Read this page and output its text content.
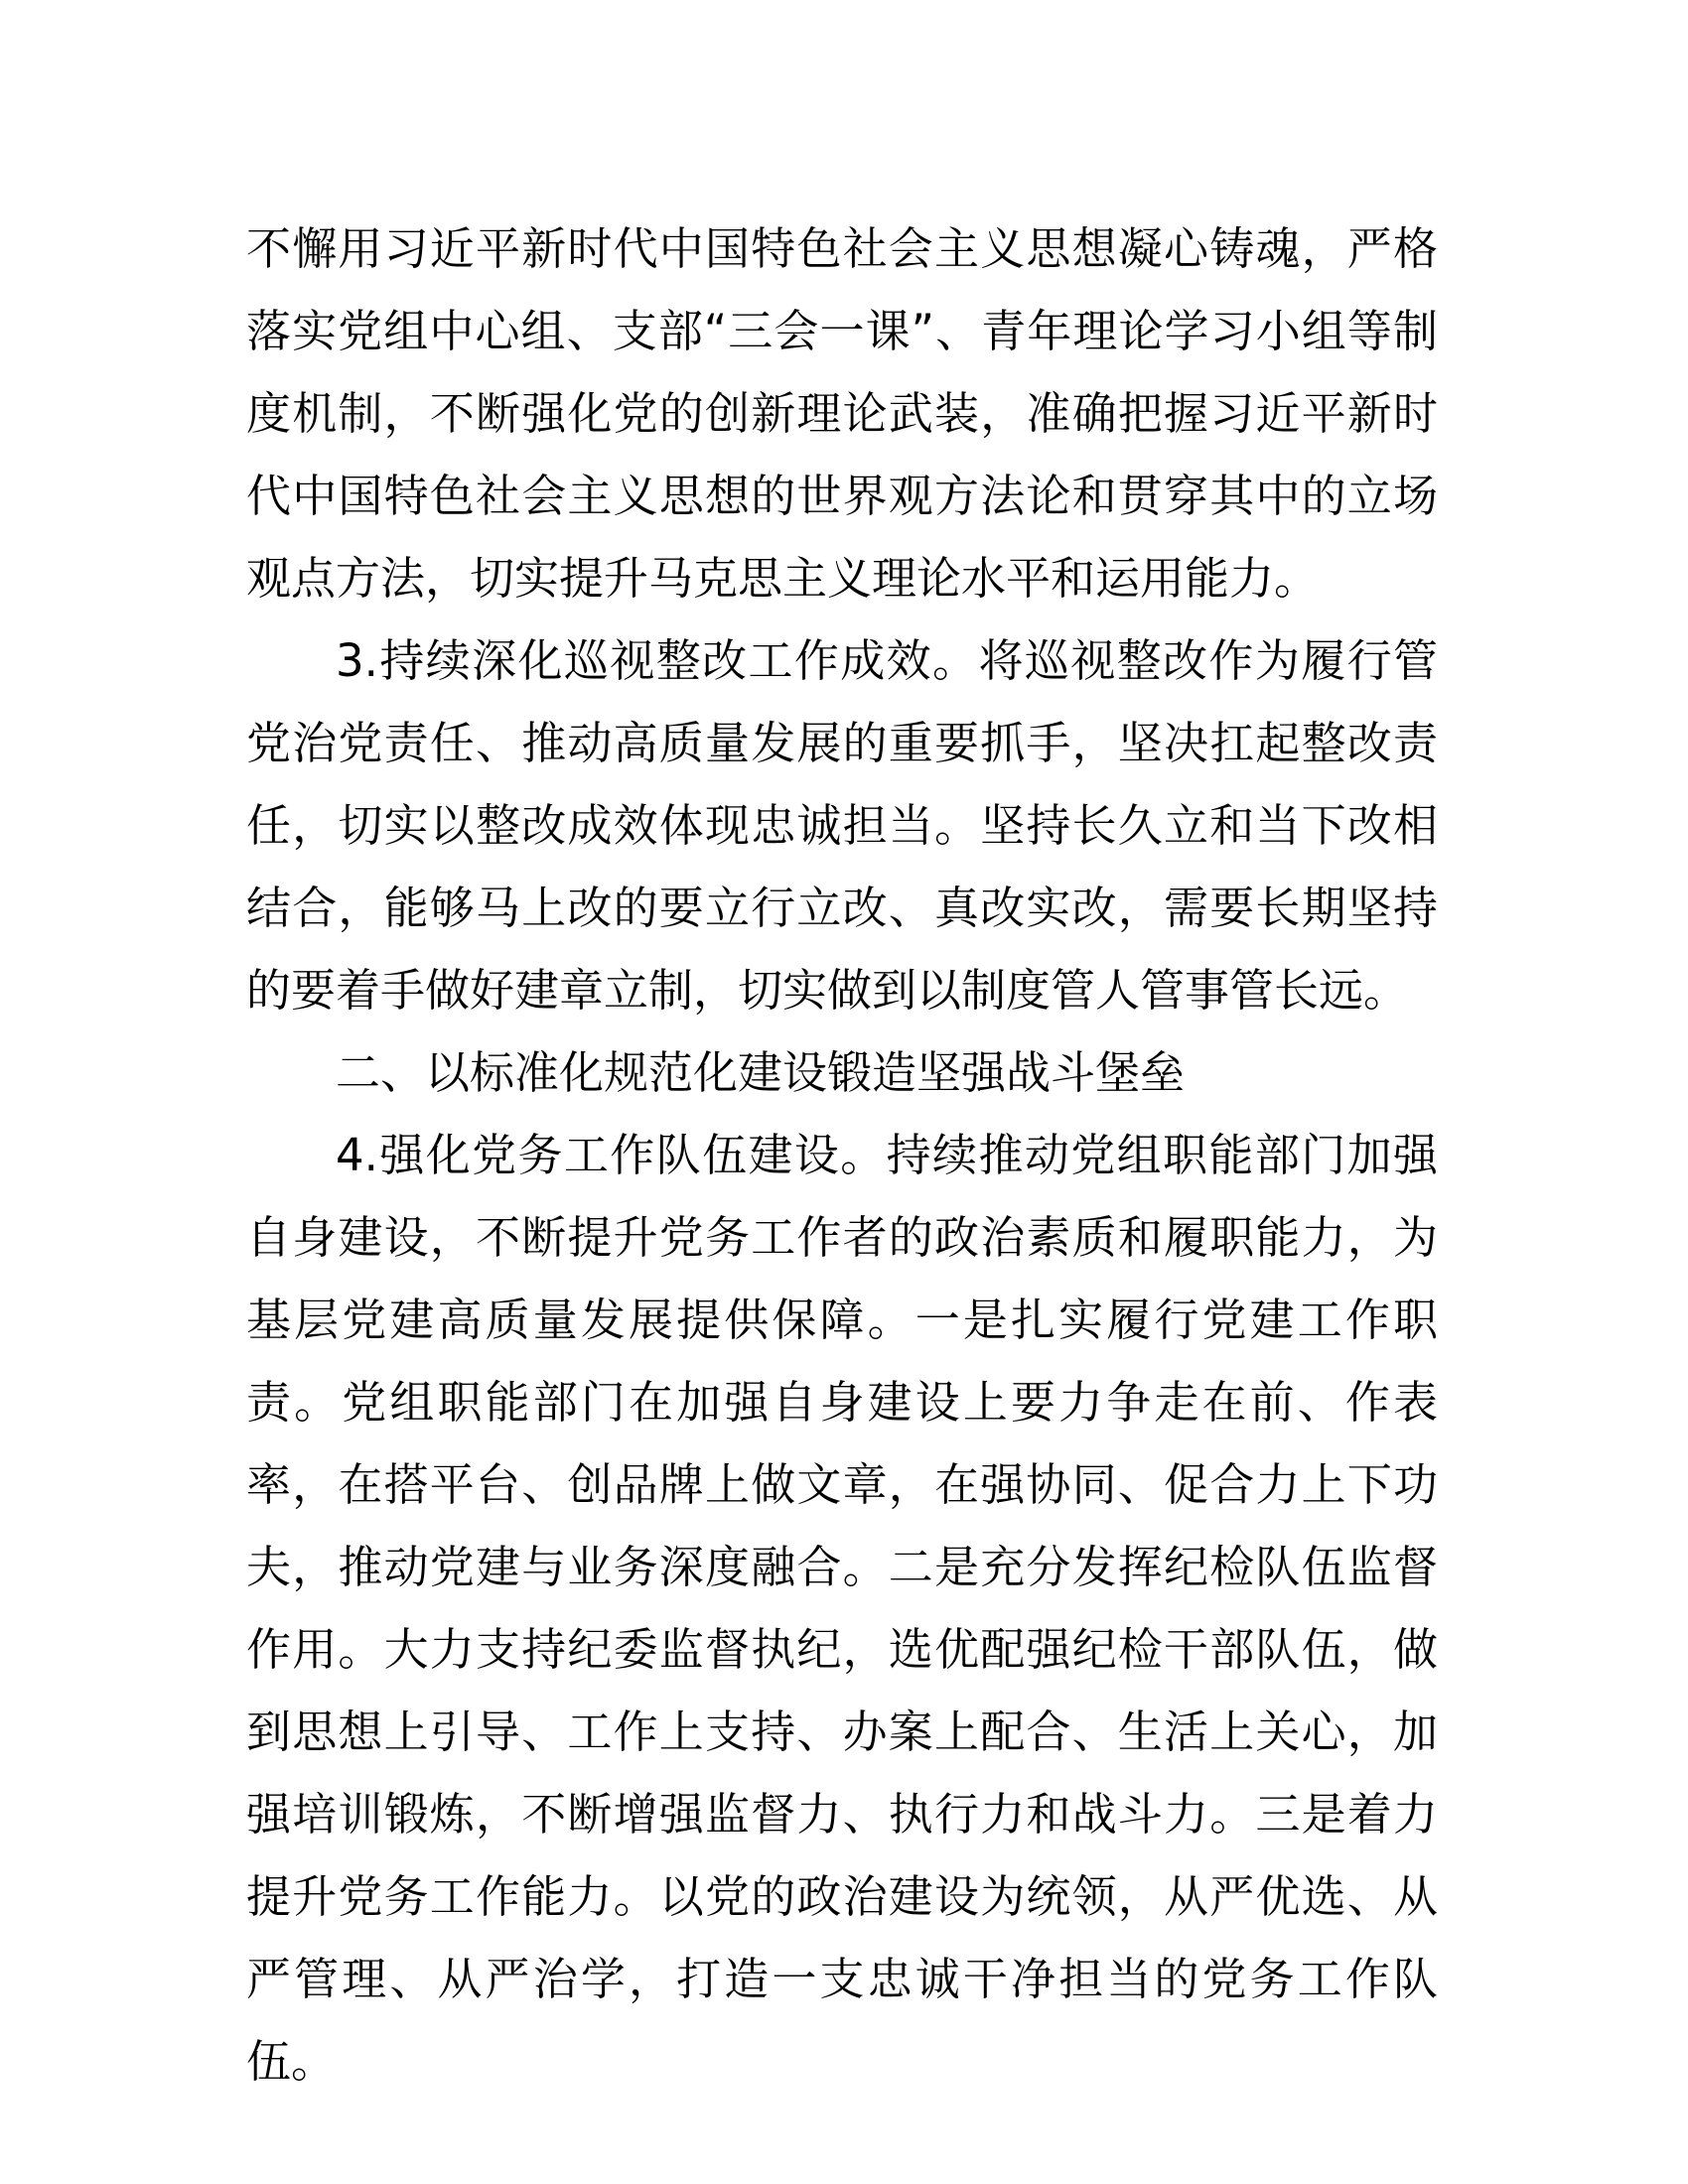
不懈用习近平新时代中国特色社会主义思想凝心铸魂，严格落实党组中心组、支部“三会一课”、青年理论学习小组等制度机制，不断强化党的创新理论武装，准确把握习近平新时代中国特色社会主义思想的世界观方法论和贯穿其中的立场观点方法，切实提升马克思主义理论水平和运用能力。

3.持续深化巡视整改工作成效。将巡视整改作为履行管党治党责任、推动高质量发展的重要抓手，坚决扛起整改责任，切实以整改成效体现忠诚担当。坚持长久立和当下改相结合，能够马上改的要立行立改、真改实改，需要长期坚持的要着手做好建章立制，切实做到以制度管人管事管长远。

二、以标准化规范化建设锻造坚强战斗堡垒

4.强化党务工作队伍建设。持续推动党组职能部门加强自身建设，不断提升党务工作者的政治素质和履职能力，为基层党建高质量发展提供保障。一是扎实履行党建工作职责。党组职能部门在加强自身建设上要力争走在前、作表率，在搭平台、创品牌上做文章，在强协同、促合力上下功夫，推动党建与业务深度融合。二是充分发挥纪检队伍监督作用。大力支持纪委监督执纪，选优配强纪检干部队伍，做到思想上引导、工作上支持、办案上配合、生活上关心，加强培训锻炼，不断增强监督力、执行力和战斗力。三是着力提升党务工作能力。以党的政治建设为统领，从严优选、从严管理、从严治学，打造一支忠诚干净担当的党务工作队伍。
